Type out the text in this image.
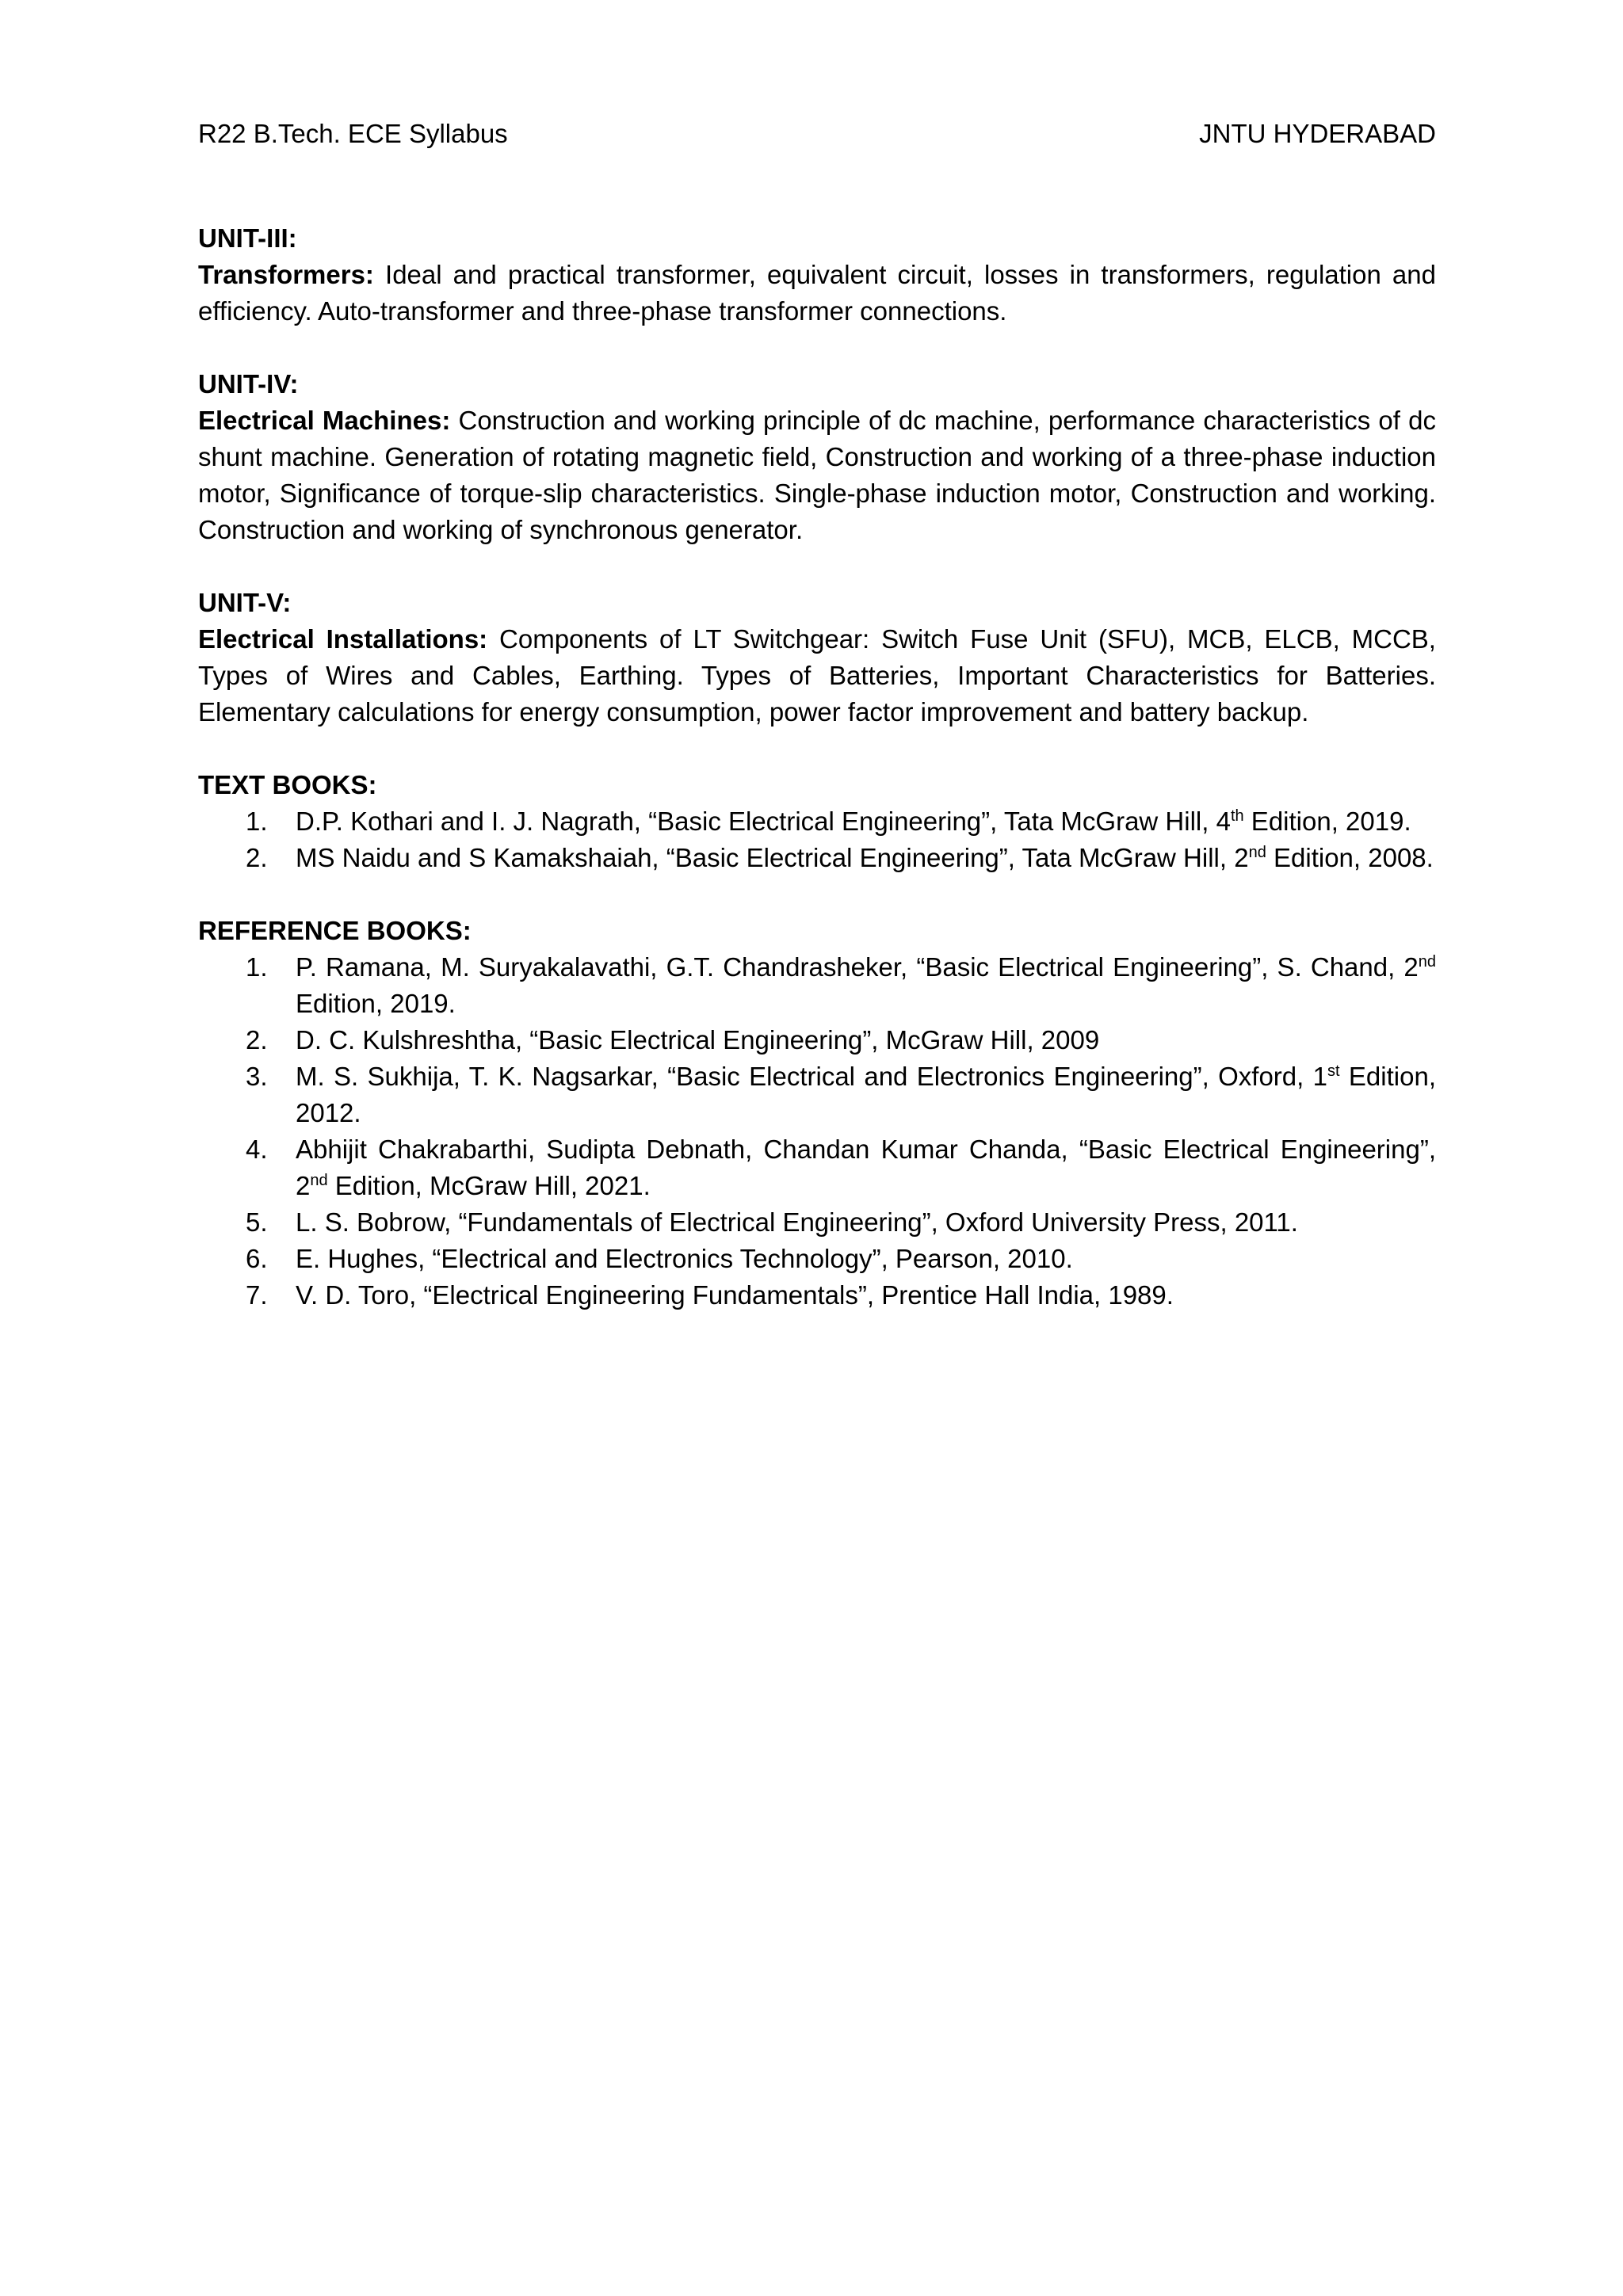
R22 B.Tech. ECE Syllabus	JNTU HYDERABAD

UNIT-III:

Transformers: Ideal and practical transformer, equivalent circuit, losses in transformers, regulation and efficiency. Auto-transformer and three-phase transformer connections.

UNIT-IV:

Electrical Machines: Construction and working principle of dc machine, performance characteristics of dc shunt machine. Generation of rotating magnetic field, Construction and working of a three-phase induction motor, Significance of torque-slip characteristics. Single-phase induction motor, Construction and working. Construction and working of synchronous generator.

UNIT-V:

Electrical Installations: Components of LT Switchgear: Switch Fuse Unit (SFU), MCB, ELCB, MCCB, Types of Wires and Cables, Earthing. Types of Batteries, Important Characteristics for Batteries. Elementary calculations for energy consumption, power factor improvement and battery backup.

TEXT BOOKS:

1. D.P. Kothari and I. J. Nagrath, “Basic Electrical Engineering”, Tata McGraw Hill, 4th Edition, 2019.
2. MS Naidu and S Kamakshaiah, “Basic Electrical Engineering”, Tata McGraw Hill, 2nd Edition, 2008.

REFERENCE BOOKS:

1. P. Ramana, M. Suryakalavathi, G.T. Chandrasheker, “Basic Electrical Engineering”, S. Chand, 2nd Edition, 2019.
2. D. C. Kulshreshtha, “Basic Electrical Engineering”, McGraw Hill, 2009
3. M. S. Sukhija, T. K. Nagsarkar, “Basic Electrical and Electronics Engineering”, Oxford, 1st Edition, 2012.
4. Abhijit Chakrabarthi, Sudipta Debnath, Chandan Kumar Chanda, “Basic Electrical Engineering”, 2nd Edition, McGraw Hill, 2021.
5. L. S. Bobrow, “Fundamentals of Electrical Engineering”, Oxford University Press, 2011.
6. E. Hughes, “Electrical and Electronics Technology”, Pearson, 2010.
7. V. D. Toro, “Electrical Engineering Fundamentals”, Prentice Hall India, 1989.
